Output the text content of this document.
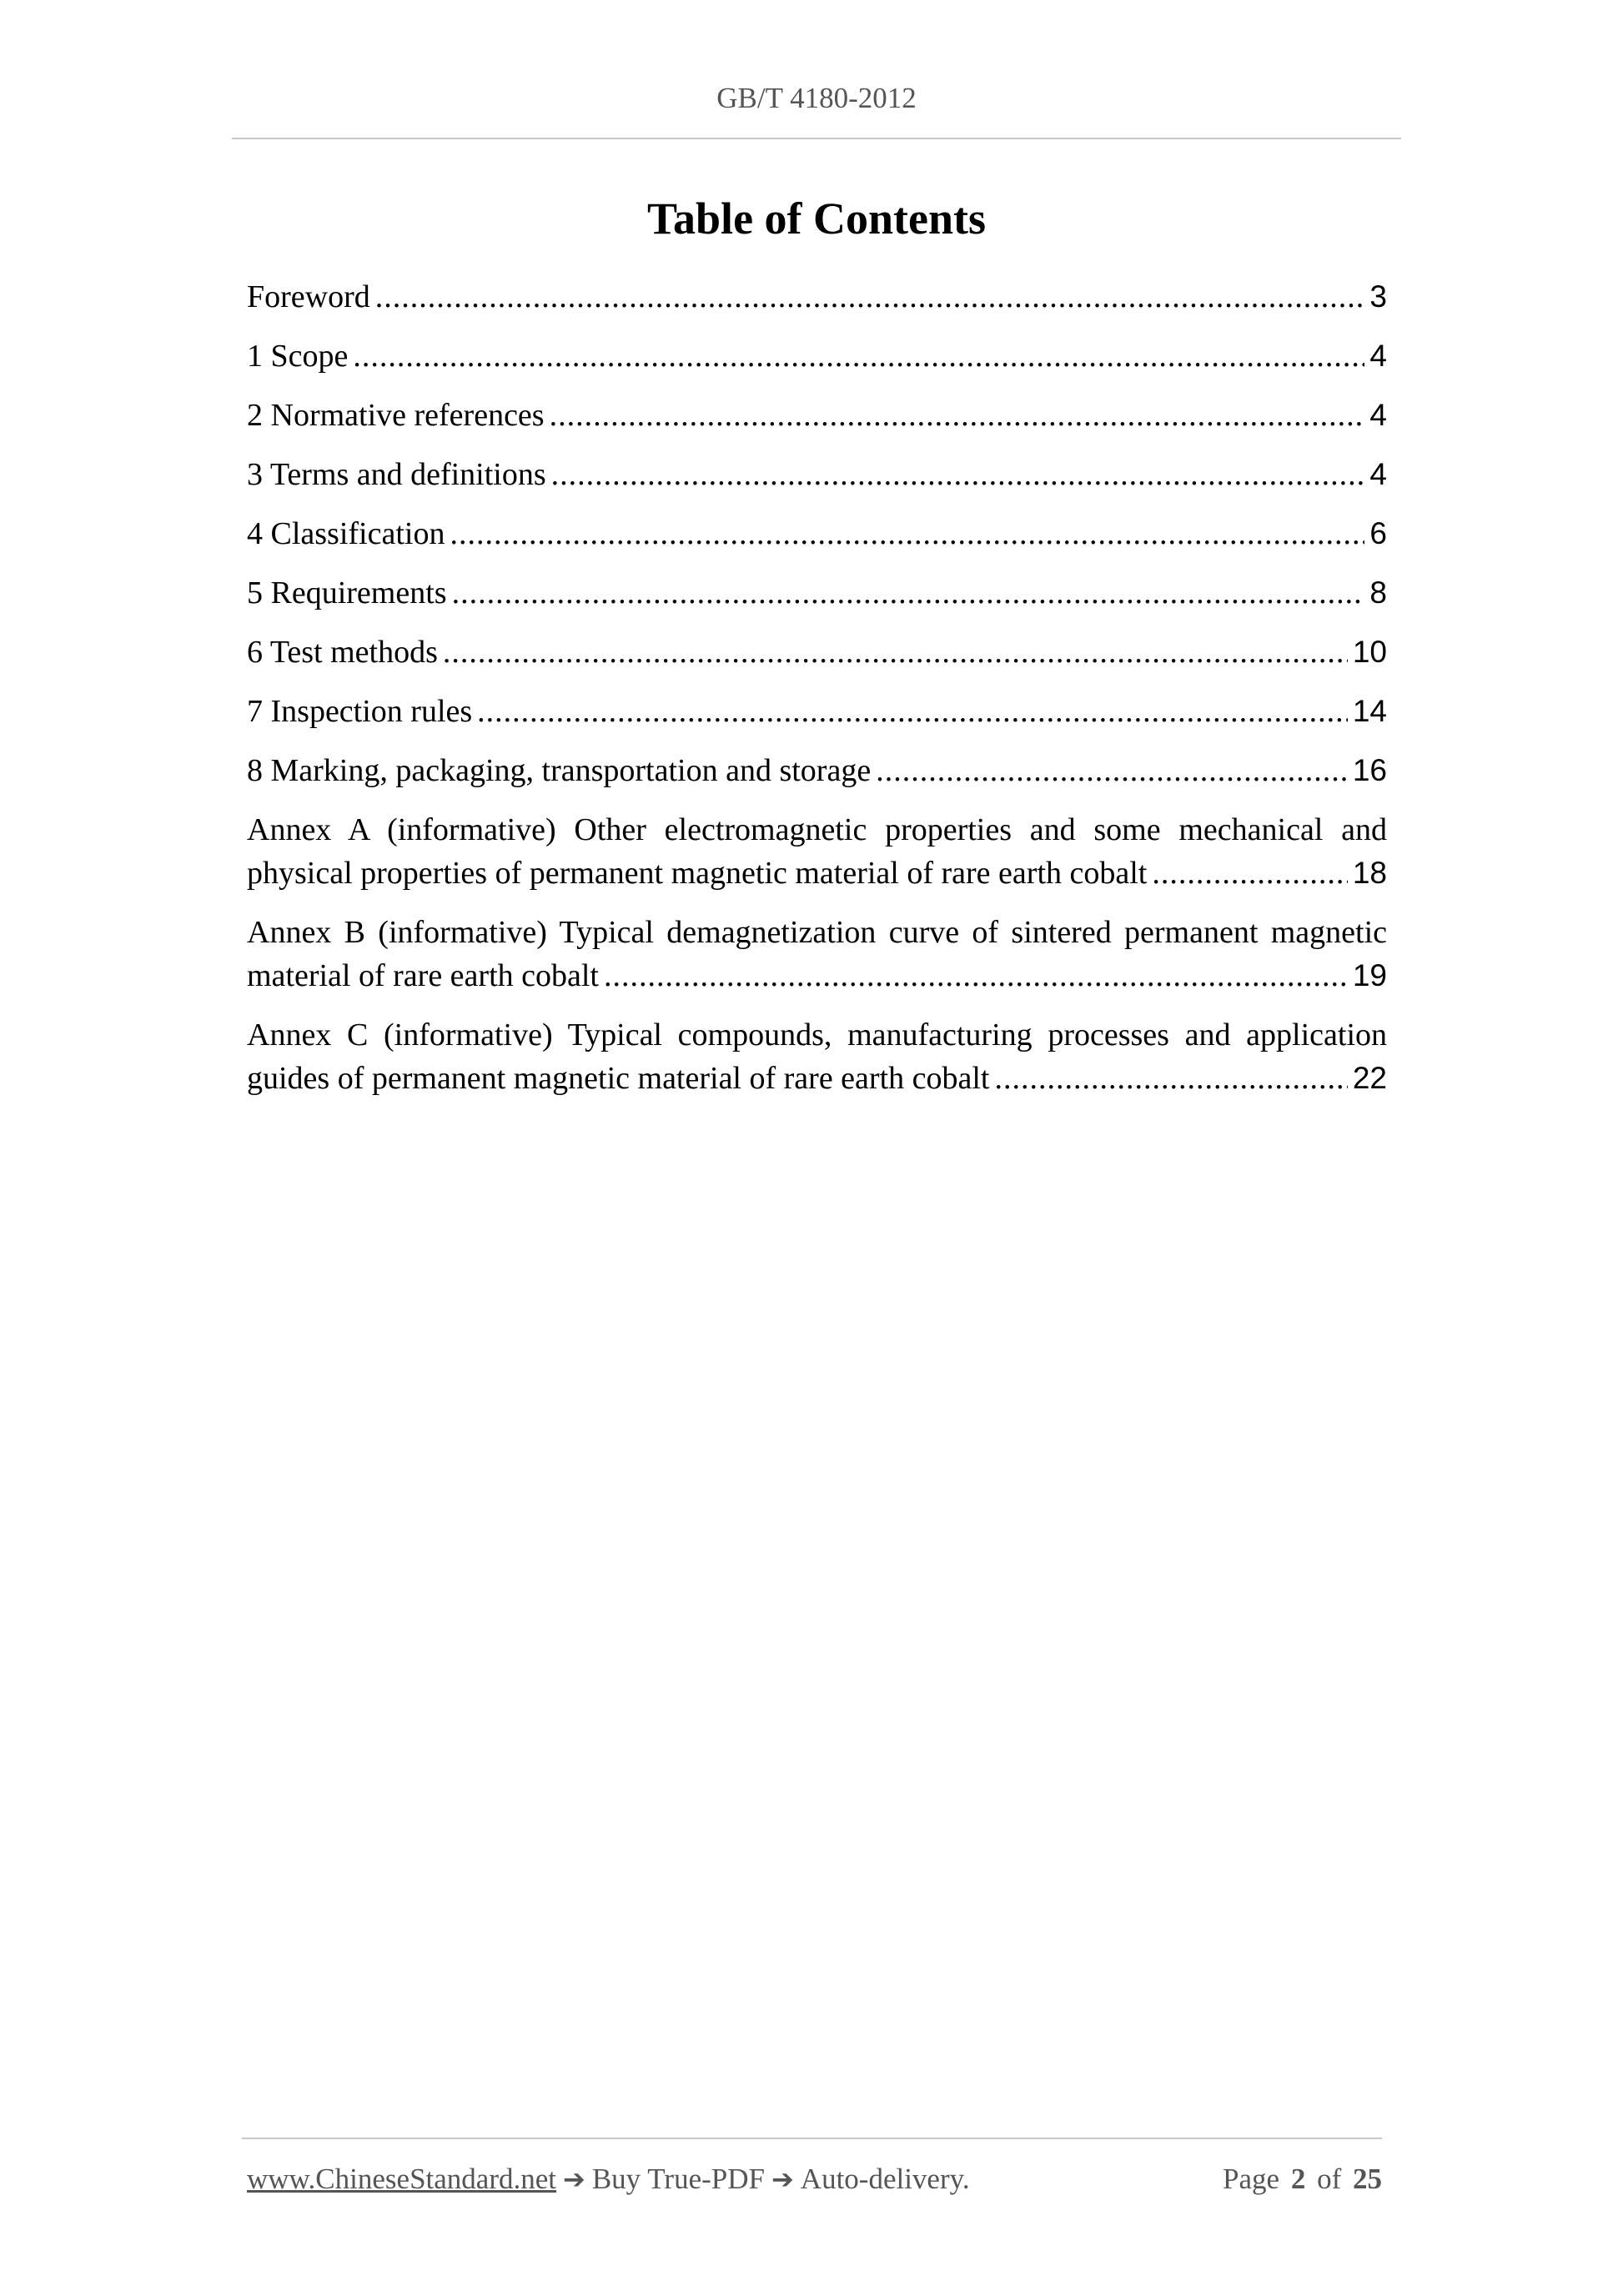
GB/T 4180-2012
Table of Contents
Foreword .....	3
1 Scope .....	4
2 Normative references .....	4
3 Terms and definitions .....	4
4 Classification .....	6
5 Requirements .....	8
6 Test methods .....	10
7 Inspection rules .....	14
8 Marking, packaging, transportation and storage .....	16
Annex A (informative) Other electromagnetic properties and some mechanical and
physical properties of permanent magnetic material of rare earth cobalt .....	18
Annex B (informative) Typical demagnetization curve of sintered permanent magnetic
material of rare earth cobalt .....	19
Annex C (informative) Typical compounds, manufacturing processes and application
guides of permanent magnetic material of rare earth cobalt .....	22
www.ChineseStandard.net ➔ Buy True-PDF ➔ Auto-delivery.	Page 2 of 25
